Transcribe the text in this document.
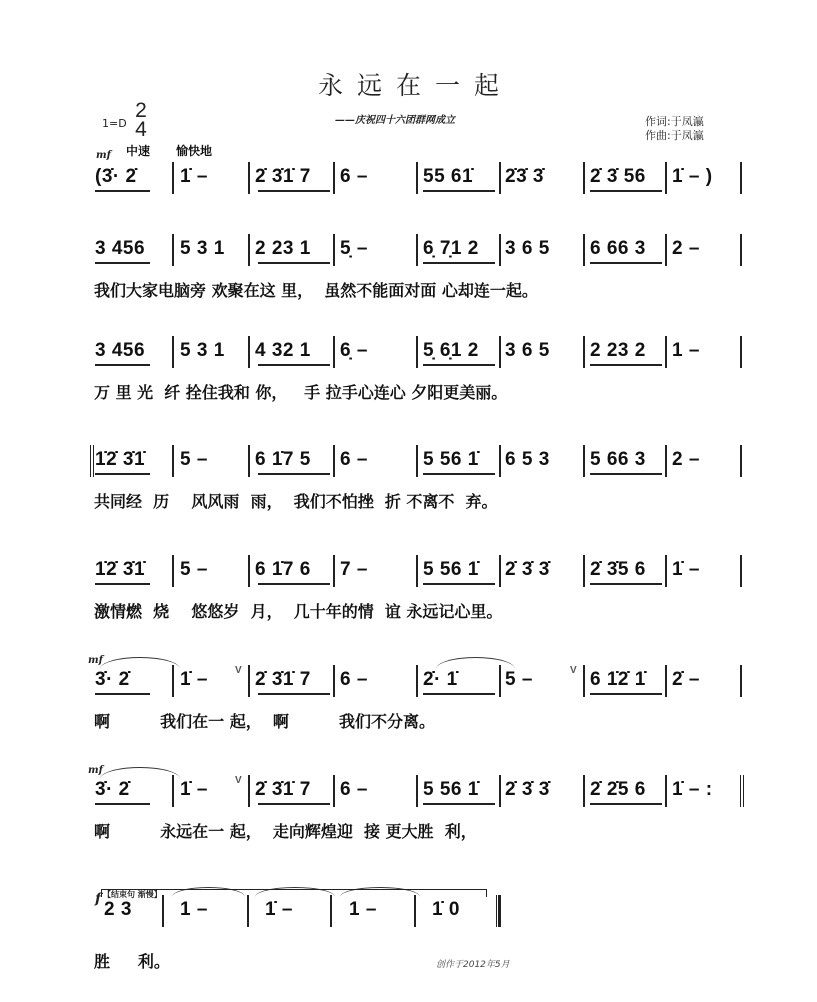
永远在一起
——庆祝四十六团群网成立
1=D
2
4	作词:于凤瀛
作曲:于凤瀛
mf 中速 愉快地
(3̇· 2̇ 1̇ – 2̇ 3̇1̇ 7 6 –	55 61̇ 2̇3̇ 3̇ 2̇ 3̇ 56 1̇ – )
3 456 5 3 1 2 23 1 5̣ –	6̣ 7̣1 2 3 6 5 6 66 3 2 –
我们大家电脑旁 欢聚在这 里，  虽然不能面对面 心却连一起。
3 456 5 3 1 4 32 1 6̣ –	5̣ 6̣1 2 3 6 5 2 23 2 1 –
万 里 光  纤 拴住我和 你，   手 拉手心连心 夕阳更美丽。
1̇2̇ 3̇1̇ 5 – 6 1̇7 5 6 –	5 56 1̇ 6 5 3 5 66 3 2 –
共同经  历    风风雨  雨，  我们不怕挫  折 不离不  弃。
1̇2̇ 3̇1̇ 5 – 6 1̇7 6 7 –	5 56 1̇ 2̇ 3̇ 3̇ 2̇ 3̇5 6 1̇ –
激情燃  烧    悠悠岁  月，  几十年的情  谊 永远记心里。
3̇· 2̇	1̇ – 2̇ 3̇1̇ 7 6 –	2̇· 1̇ 5 –	6 1̇2̇ 1̇ 2̇ –
V	V
mf
啊         我们在一 起，  啊         我们不分离。
3̇· 2̇	1̇ – 2̇ 3̇1̇ 7 6 –	5 56 1̇ 2̇ 3̇ 3̇ 2̇ 2̇5 6 1̇ – :
V
mf
啊         永远在一 起，  走向辉煌迎  接 更大胜  利，
2 3	1 –	1̇ –	1 –	1̇ 0
f
胜     利。
【结束句 渐慢】
创作于2012年5月
